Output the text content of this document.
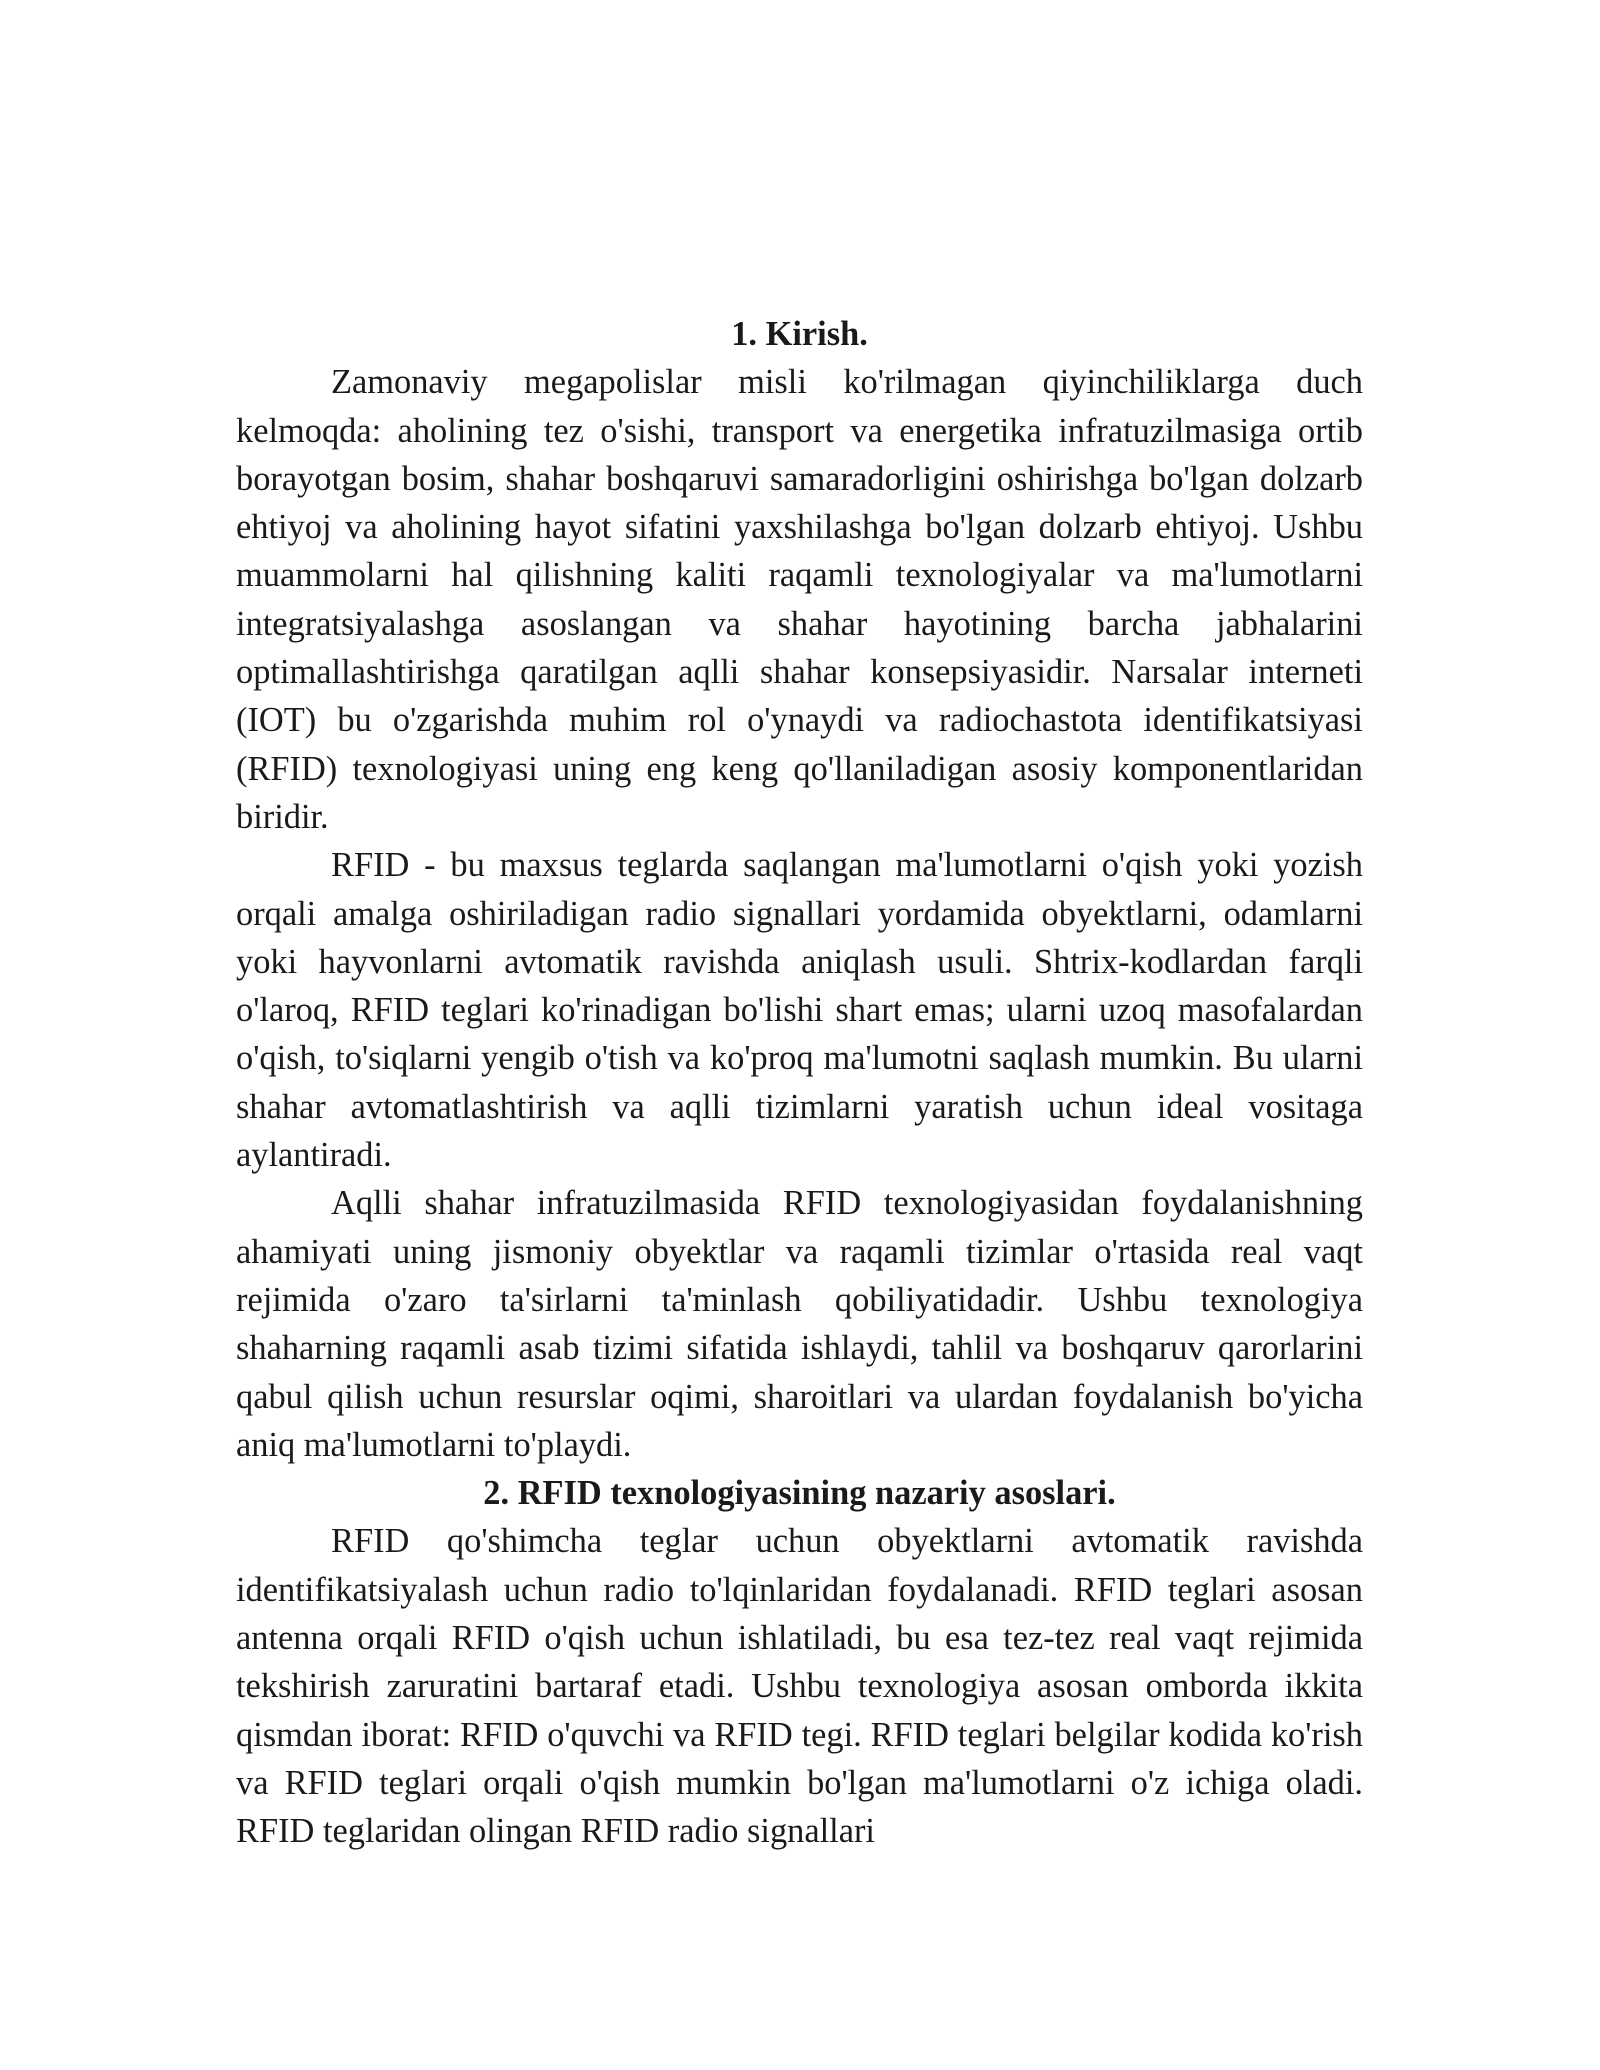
1. Kirish.

Zamonaviy megapolislar misli ko'rilmagan qiyinchiliklarga duch kelmoqda: aholining tez o'sishi, transport va energetika infratuzilmasiga ortib borayotgan bosim, shahar boshqaruvi samaradorligini oshirishga bo'lgan dolzarb ehtiyoj va aholining hayot sifatini yaxshilashga bo'lgan dolzarb ehtiyoj. Ushbu muammolarni hal qilishning kaliti raqamli texnologiyalar va ma'lumotlarni integratsiyalashga asoslangan va shahar hayotining barcha jabhalarini optimallashtirishga qaratilgan aqlli shahar konsepsiyasidir. Narsalar interneti (IOT) bu o'zgarishda muhim rol o'ynaydi va radiochastota identifikatsiyasi (RFID) texnologiyasi uning eng keng qo'llaniladigan asosiy komponentlaridan biridir.

RFID - bu maxsus teglarda saqlangan ma'lumotlarni o'qish yoki yozish orqali amalga oshiriladigan radio signallari yordamida obyektlarni, odamlarni yoki hayvonlarni avtomatik ravishda aniqlash usuli. Shtrix-kodlardan farqli o'laroq, RFID teglari ko'rinadigan bo'lishi shart emas; ularni uzoq masofalardan o'qish, to'siqlarni yengib o'tish va ko'proq ma'lumotni saqlash mumkin. Bu ularni shahar avtomatlashtirish va aqlli tizimlarni yaratish uchun ideal vositaga aylantiradi.

Aqlli shahar infratuzilmasida RFID texnologiyasidan foydalanishning ahamiyati uning jismoniy obyektlar va raqamli tizimlar o'rtasida real vaqt rejimida o'zaro ta'sirlarni ta'minlash qobiliyatidadir. Ushbu texnologiya shaharning raqamli asab tizimi sifatida ishlaydi, tahlil va boshqaruv qarorlarini qabul qilish uchun resurslar oqimi, sharoitlari va ulardan foydalanish bo'yicha aniq ma'lumotlarni to'playdi.

2. RFID texnologiyasining nazariy asoslari.

RFID qo'shimcha teglar uchun obyektlarni avtomatik ravishda identifikatsiyalash uchun radio to'lqinlaridan foydalanadi. RFID teglari asosan antenna orqali RFID o'qish uchun ishlatiladi, bu esa tez-tez real vaqt rejimida tekshirish zaruratini bartaraf etadi. Ushbu texnologiya asosan omborda ikkita qismdan iborat: RFID o'quvchi va RFID tegi. RFID teglari belgilar kodida ko'rish va RFID teglari orqali o'qish mumkin bo'lgan ma'lumotlarni o'z ichiga oladi. RFID teglaridan olingan RFID radio signallari
